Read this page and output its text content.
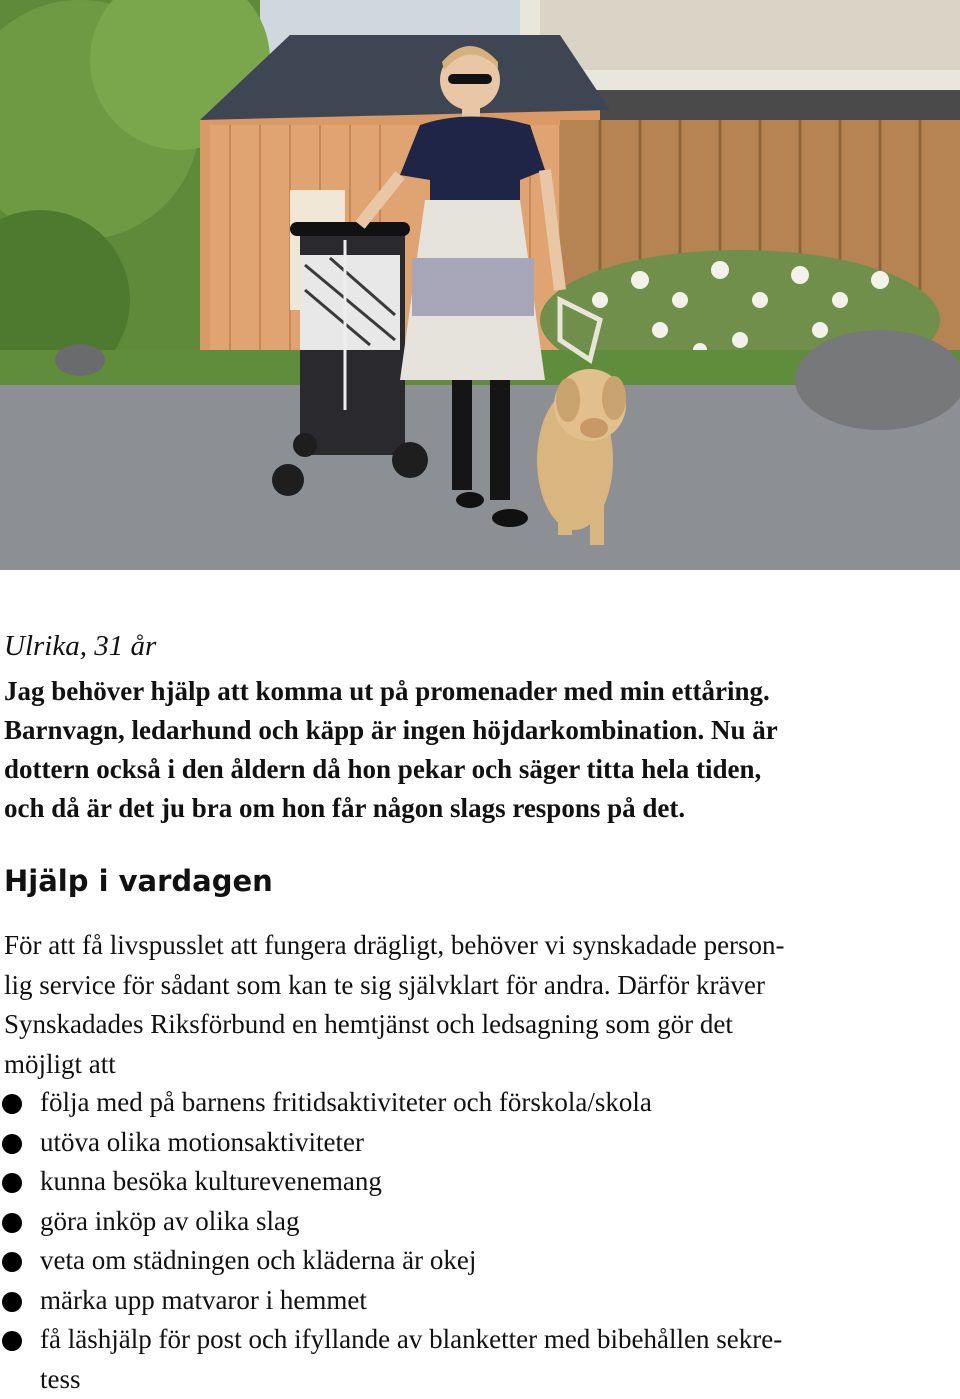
Ulrika, 31 år
Jag behöver hjälp att komma ut på promenader med min ettåring.
Barnvagn, ledarhund och käpp är ingen höjdarkombination. Nu är
dottern också i den åldern då hon pekar och säger titta hela tiden,
och då är det ju bra om hon får någon slags respons på det.
Hjälp i vardagen
För att få livspusslet att fungera drägligt, behöver vi synskadade person-
lig service för sådant som kan te sig självklart för andra. Därför kräver
Synskadades Riksförbund en hemtjänst och ledsagning som gör det
möjligt att
följa med på barnens fritidsaktiviteter och förskola/skola
utöva olika motionsaktiviteter
kunna besöka kulturevenemang
göra inköp av olika slag
veta om städningen och kläderna är okej
märka upp matvaror i hemmet
få läshjälp för post och ifyllande av blanketter med bibehållen sekre-
tess
